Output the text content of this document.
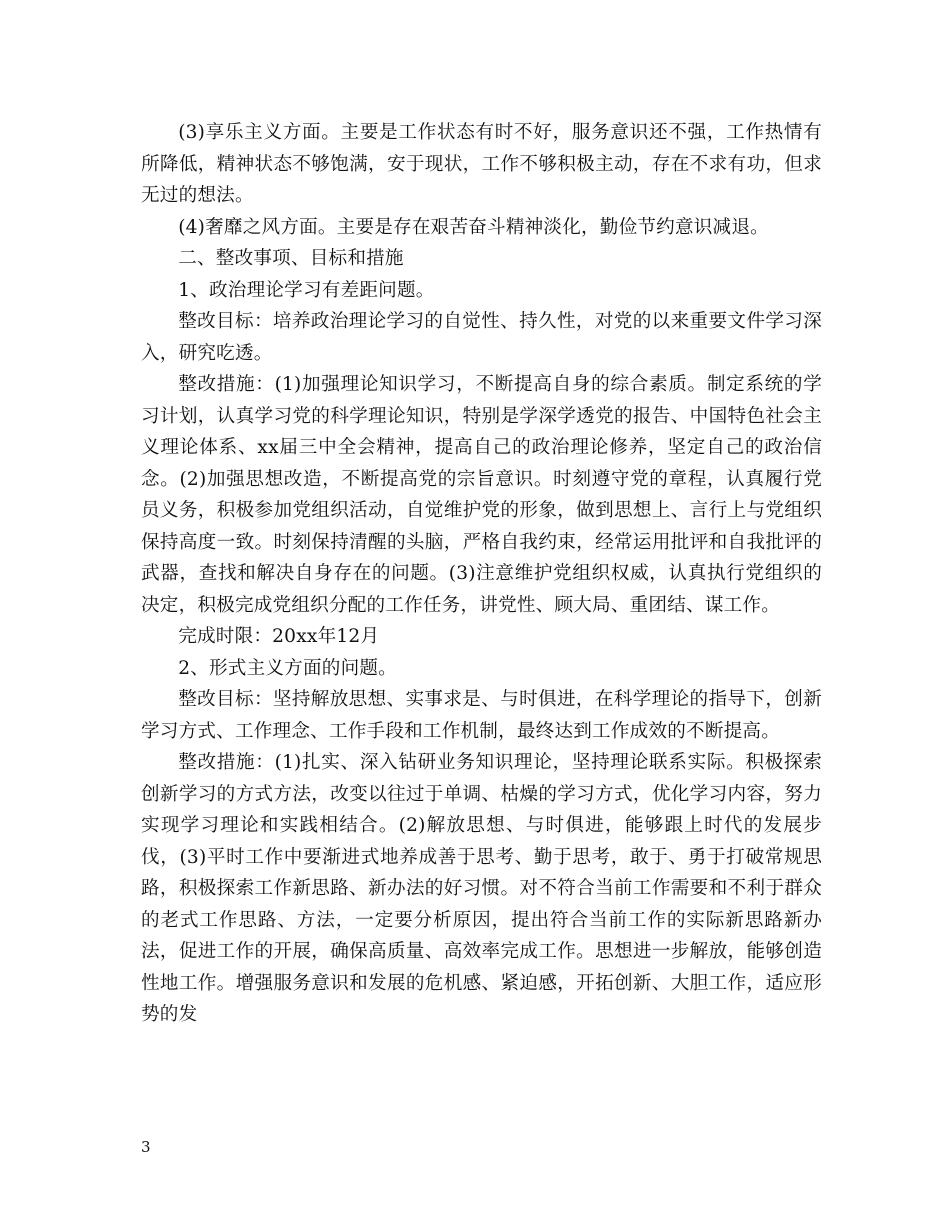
(3)享乐主义方面。主要是工作状态有时不好，服务意识还不强，工作热情有所降低，精神状态不够饱满，安于现状，工作不够积极主动，存在不求有功，但求无过的想法。

(4)奢靡之风方面。主要是存在艰苦奋斗精神淡化，勤俭节约意识减退。

二、整改事项、目标和措施

1、政治理论学习有差距问题。

整改目标：培养政治理论学习的自觉性、持久性，对党的以来重要文件学习深入，研究吃透。

整改措施：(1)加强理论知识学习，不断提高自身的综合素质。制定系统的学习计划，认真学习党的科学理论知识，特别是学深学透党的报告、中国特色社会主义理论体系、xx届三中全会精神，提高自己的政治理论修养，坚定自己的政治信念。(2)加强思想改造，不断提高党的宗旨意识。时刻遵守党的章程，认真履行党员义务，积极参加党组织活动，自觉维护党的形象，做到思想上、言行上与党组织保持高度一致。时刻保持清醒的头脑，严格自我约束，经常运用批评和自我批评的武器，查找和解决自身存在的问题。(3)注意维护党组织权威，认真执行党组织的决定，积极完成党组织分配的工作任务，讲党性、顾大局、重团结、谋工作。

完成时限：20xx年12月

2、形式主义方面的问题。

整改目标：坚持解放思想、实事求是、与时俱进，在科学理论的指导下，创新学习方式、工作理念、工作手段和工作机制，最终达到工作成效的不断提高。

整改措施：(1)扎实、深入钻研业务知识理论，坚持理论联系实际。积极探索创新学习的方式方法，改变以往过于单调、枯燥的学习方式，优化学习内容，努力实现学习理论和实践相结合。(2)解放思想、与时俱进，能够跟上时代的发展步伐，(3)平时工作中要渐进式地养成善于思考、勤于思考，敢于、勇于打破常规思路，积极探索工作新思路、新办法的好习惯。对不符合当前工作需要和不利于群众的老式工作思路、方法，一定要分析原因，提出符合当前工作的实际新思路新办法，促进工作的开展，确保高质量、高效率完成工作。思想进一步解放，能够创造性地工作。增强服务意识和发展的危机感、紧迫感，开拓创新、大胆工作，适应形势的发

3
